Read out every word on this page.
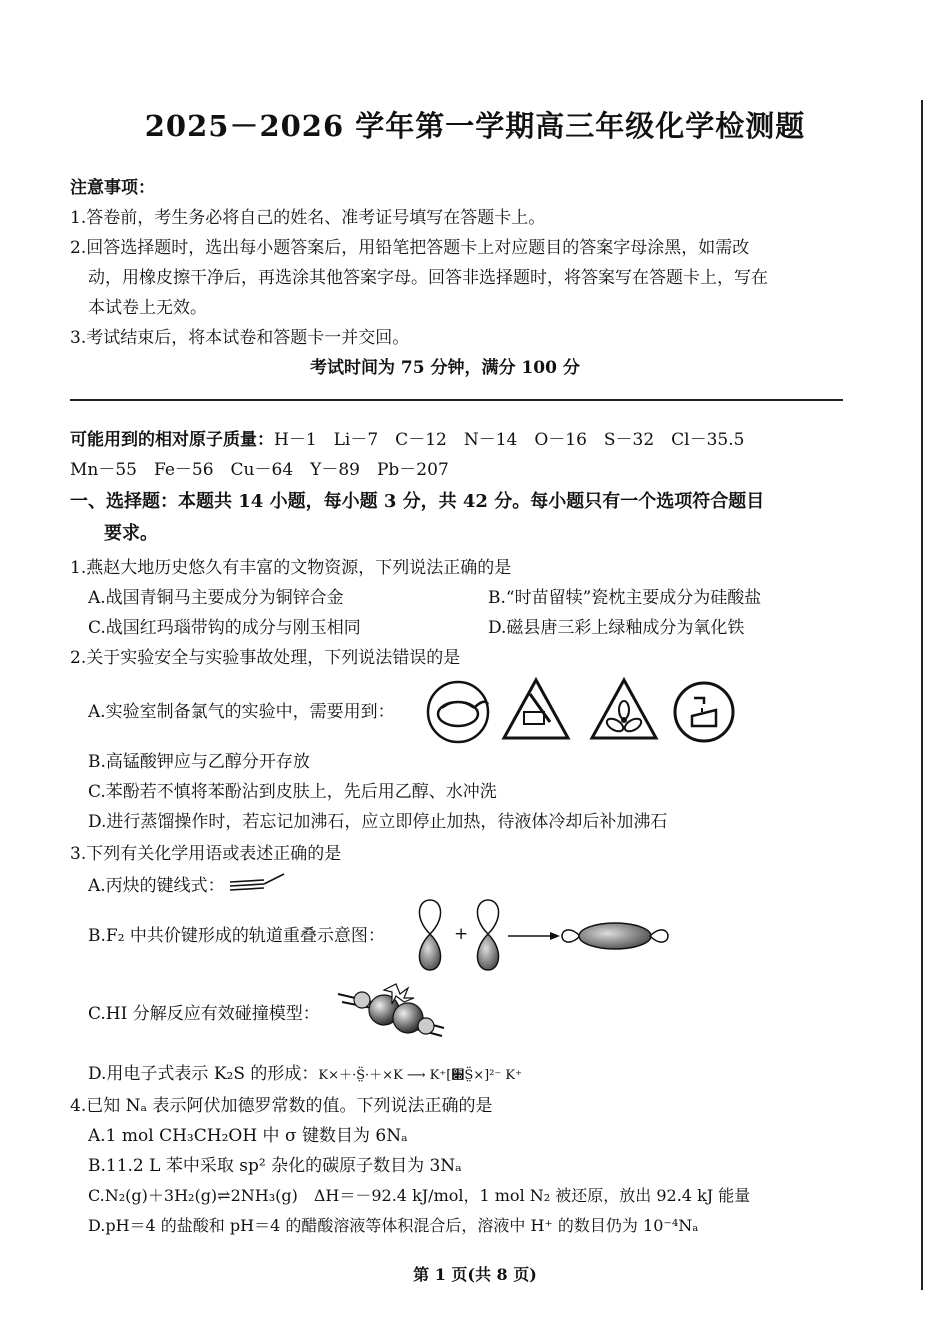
2025－2026 学年第一学期高三年级化学检测题
注意事项：
1.答卷前，考生务必将自己的姓名、准考证号填写在答题卡上。
2.回答选择题时，选出每小题答案后，用铅笔把答题卡上对应题目的答案字母涂黑，如需改
动，用橡皮擦干净后，再选涂其他答案字母。回答非选择题时，将答案写在答题卡上，写在
本试卷上无效。
3.考试结束后，将本试卷和答题卡一并交回。
考试时间为 75 分钟，满分 100 分
可能用到的相对原子质量：H－1　Li－7　C－12　N－14　O－16　S－32　Cl－35.5
Mn－55　Fe－56　Cu－64　Y－89　Pb－207
一、选择题：本题共 14 小题，每小题 3 分，共 42 分。每小题只有一个选项符合题目
要求。
1.燕赵大地历史悠久有丰富的文物资源，下列说法正确的是
A.战国青铜马主要成分为铜锌合金	B.“时苗留犊”瓷枕主要成分为硅酸盐
C.战国红玛瑙带钩的成分与刚玉相同	D.磁县唐三彩上绿釉成分为氧化铁
2.关于实验安全与实验事故处理，下列说法错误的是
A.实验室制备氯气的实验中，需要用到：
B.高锰酸钾应与乙醇分开存放
C.苯酚若不慎将苯酚沾到皮肤上，先后用乙醇、水冲洗
D.进行蒸馏操作时，若忘记加沸石，应立即停止加热，待液体冷却后补加沸石
3.下列有关化学用语或表述正确的是
A.丙炔的键线式：
B.F₂ 中共价键形成的轨道重叠示意图：	+
C.HI 分解反应有效碰撞模型：
D.用电子式表示 K₂S 的形成：K×＋·S̤̈·＋×K ⟶ K⁺[׍S̤̈×]²⁻ K⁺
4.已知 Nₐ 表示阿伏加德罗常数的值。下列说法正确的是
A.1 mol CH₃CH₂OH 中 σ 键数目为 6Nₐ
B.11.2 L 苯中采取 sp² 杂化的碳原子数目为 3Nₐ
C.N₂(g)＋3H₂(g)⇌2NH₃(g)　ΔH＝－92.4 kJ/mol，1 mol N₂ 被还原，放出 92.4 kJ 能量
D.pH＝4 的盐酸和 pH＝4 的醋酸溶液等体积混合后，溶液中 H⁺ 的数目仍为 10⁻⁴Nₐ
第 1 页(共 8 页)
